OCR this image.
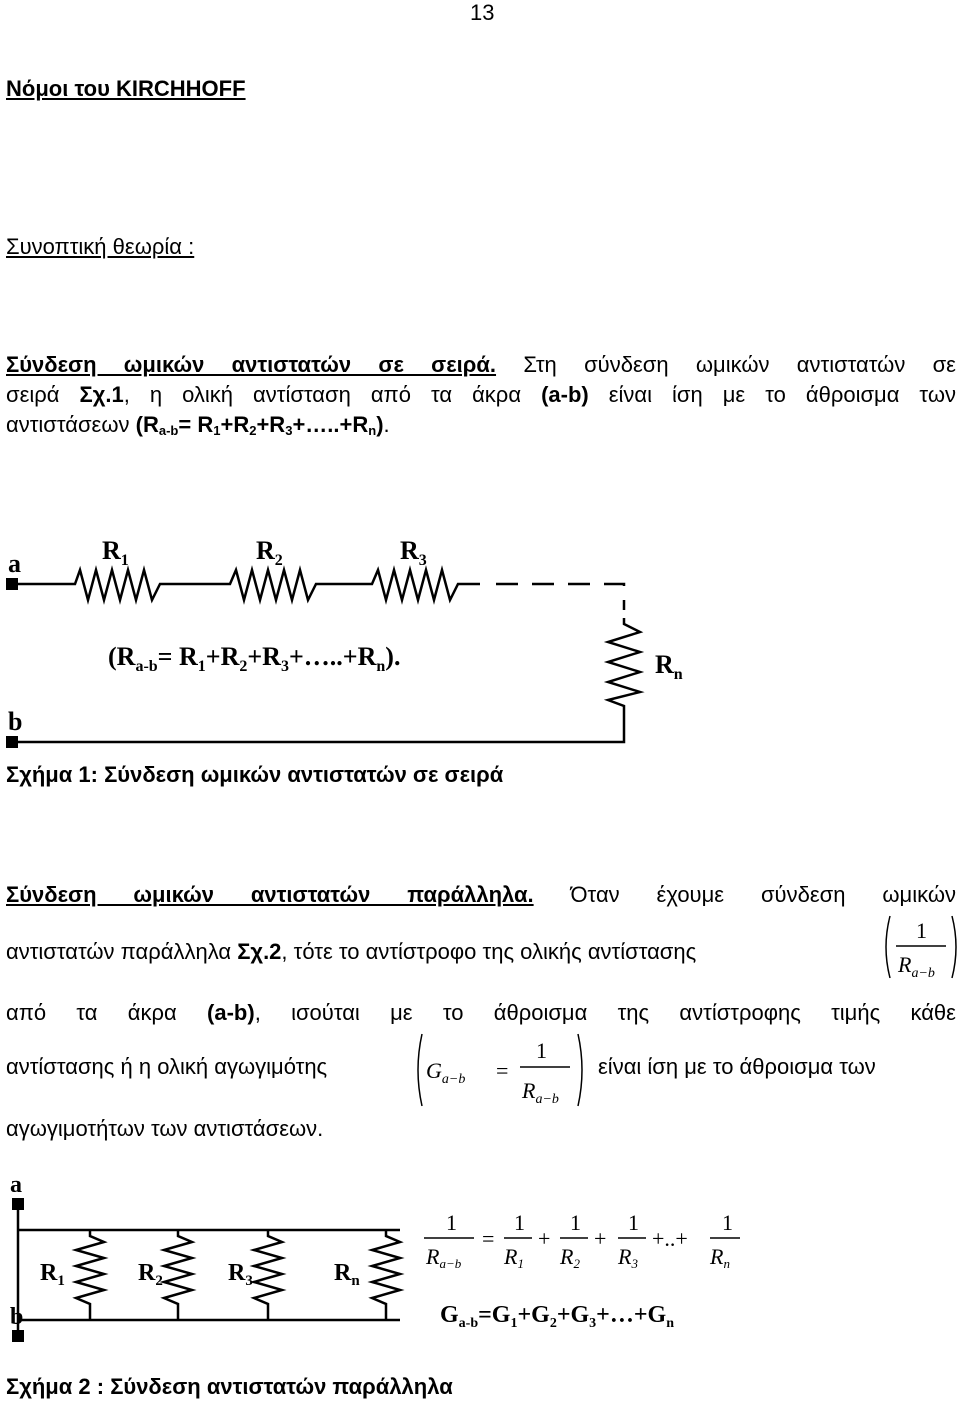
13
Νόμοι του KIRCHHOFF
Συνοπτική θεωρία :
Σύνδεση ωμικών αντιστατών σε σειρά. Στη σύνδεση ωμικών αντιστατών σε
σειρά Σχ.1, η ολική αντίσταση από τα άκρα (a-b) είναι ίση με το άθροισμα των
αντιστάσεων ($R_{a-b}=$ $R_1+R_2+R_3+\dots..+R_n$).
a
b
$R_1$	$R_2$	$R_3$
$R_n$
($R_{a-b}=$ $R_1+R_2+R_3+\dots..+R_n$).
Σχήμα 1: Σύνδεση ωμικών αντιστατών σε σειρά
Σύνδεση ωμικών αντιστατών παράλληλα. Όταν έχουμε σύνδεση ωμικών
αντιστατών παράλληλα Σχ.2, τότε το αντίστροφο της ολικής αντίστασης
1
$R_{a-b}$
από τα άκρα (a-b), ισούται με το άθροισμα της αντίστροφης τιμής κάθε
αντίστασης ή η ολική αγωγιμότης	$G_{a-b}$ =
1
$R_{a-b}$
είναι ίση με το άθροισμα των
αγωγιμοτήτων των αντιστάσεων.
a
b
$R_1$	$R_2$	$R_3$	$R_n$
1
Ra−b
=
1
R1
+
1
R2
+
1
R3
+..+
1
Rn
$G_{a-b}=G_1+G_2+G_3+\dots+G_n$
Σχήμα 2 : Σύνδεση αντιστατών παράλληλα
